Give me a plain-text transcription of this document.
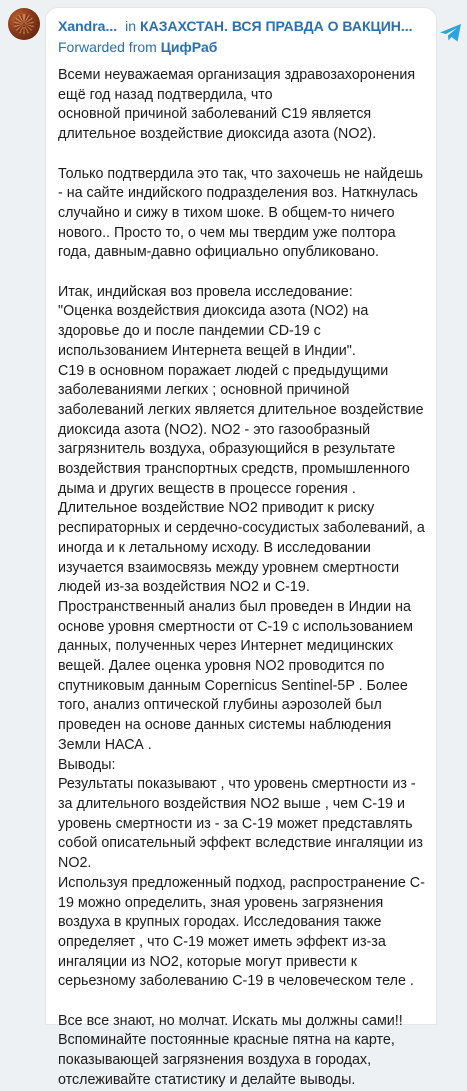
Xandra... in КАЗАХСТАН. ВСЯ ПРАВДА О ВАКЦИН...
Forwarded from ЦифРаб

Всеми неуважаемая организация здравозахоронения
ещё год назад подтвердила, что
основной причиной заболеваний С19 является
длительное воздействие диоксида азота (NO2).

Только подтвердила это так, что захочешь не найдешь
- на сайте индийского подразделения воз. Наткнулась
случайно и сижу в тихом шоке. В общем-то ничего
нового.. Просто то, о чем мы твердим уже полтора
года, давным-давно официально опубликовано.

Итак, индийская воз провела исследование:
"Оценка воздействия диоксида азота (NO2) на
здоровье до и после пандемии CD-19 с
использованием Интернета вещей в Индии".
С19 в основном поражает людей с предыдущими
заболеваниями легких ; основной причиной
заболеваний легких является длительное воздействие
диоксида азота (NO2). NO2 - это газообразный
загрязнитель воздуха, образующийся в результате
воздействия транспортных средств, промышленного
дыма и других веществ в процессе горения .
Длительное воздействие NO2 приводит к риску
респираторных и сердечно-сосудистых заболеваний, а
иногда и к летальному исходу. В исследовании
изучается взаимосвязь между уровнем смертности
людей из-за воздействия NO2 и С-19.
Пространственный анализ был проведен в Индии на
основе уровня смертности от С-19 с использованием
данных, полученных через Интернет медицинских
вещей. Далее оценка уровня NO2 проводится по
спутниковым данным Copernicus Sentinel-5P . Более
того, анализ оптической глубины аэрозолей был
проведен на основе данных системы наблюдения
Земли НАСА .
Выводы:
Результаты показывают , что уровень смертности из -
за длительного воздействия NO2 выше , чем С-19 и
уровень смертности из - за С-19 может представлять
собой описательный эффект вследствие ингаляции из
NO2.
Используя предложенный подход, распространение С-
19 можно определить, зная уровень загрязнения
воздуха в крупных городах. Исследования также
определяет , что С-19 может иметь эффект из-за
ингаляции из NO2, которые могут привести к
серьезному заболеванию С-19 в человеческом теле .

Все все знают, но молчат. Искать мы должны сами!!
Вспоминайте постоянные красные пятна на карте,
показывающей загрязнения воздуха в городах,
отслеживайте статистику и делайте выводы.
